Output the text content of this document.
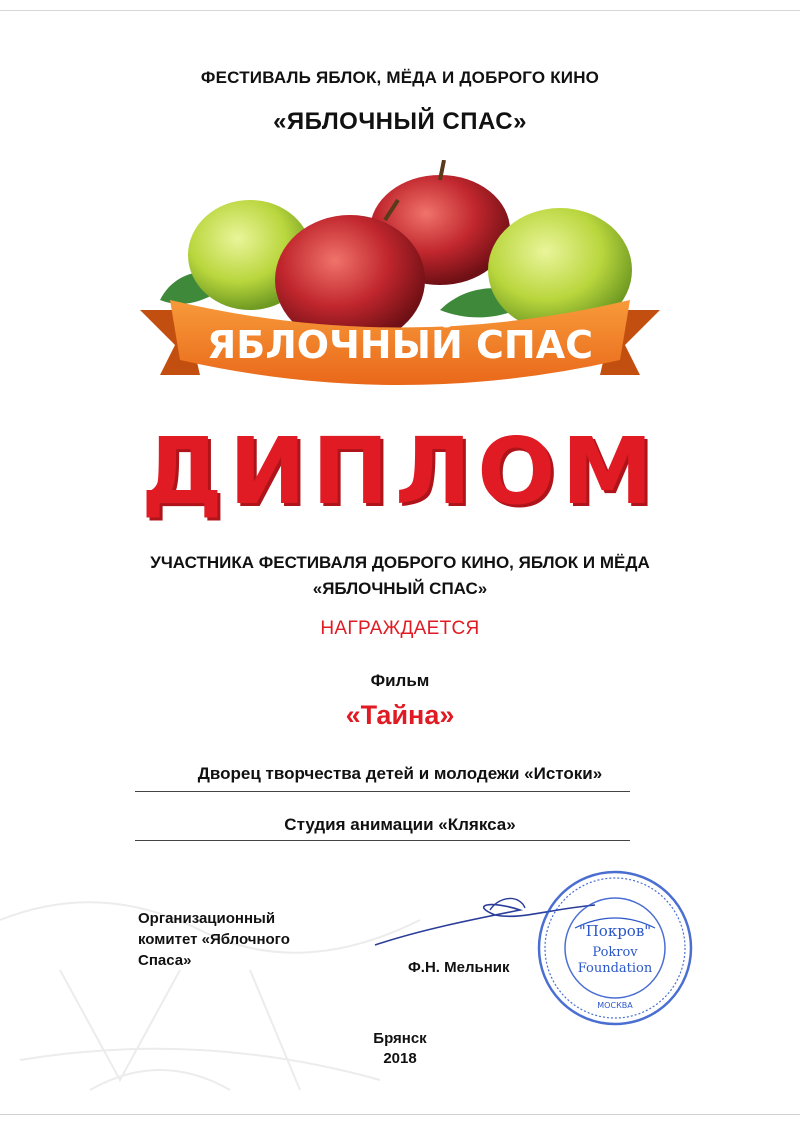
ФЕСТИВАЛЬ ЯБЛОК, МЁДА И ДОБРОГО КИНО
«ЯБЛОЧНЫЙ СПАС»
ЯБЛОЧНЫЙ СПАС
ДИПЛОМ
УЧАСТНИКА ФЕСТИВАЛЯ ДОБРОГО КИНО, ЯБЛОК И МЁДА
«ЯБЛОЧНЫЙ СПАС»
НАГРАЖДАЕТСЯ
Фильм
«Тайна»
Дворец творчества детей и молодежи «Истоки»
Студия анимации «Клякса»
Организационный
комитет «Яблочного
Спаса»	Ф.Н. Мельник
"Покров"
Pokrov
Foundation
МОСКВА
Брянск
2018
